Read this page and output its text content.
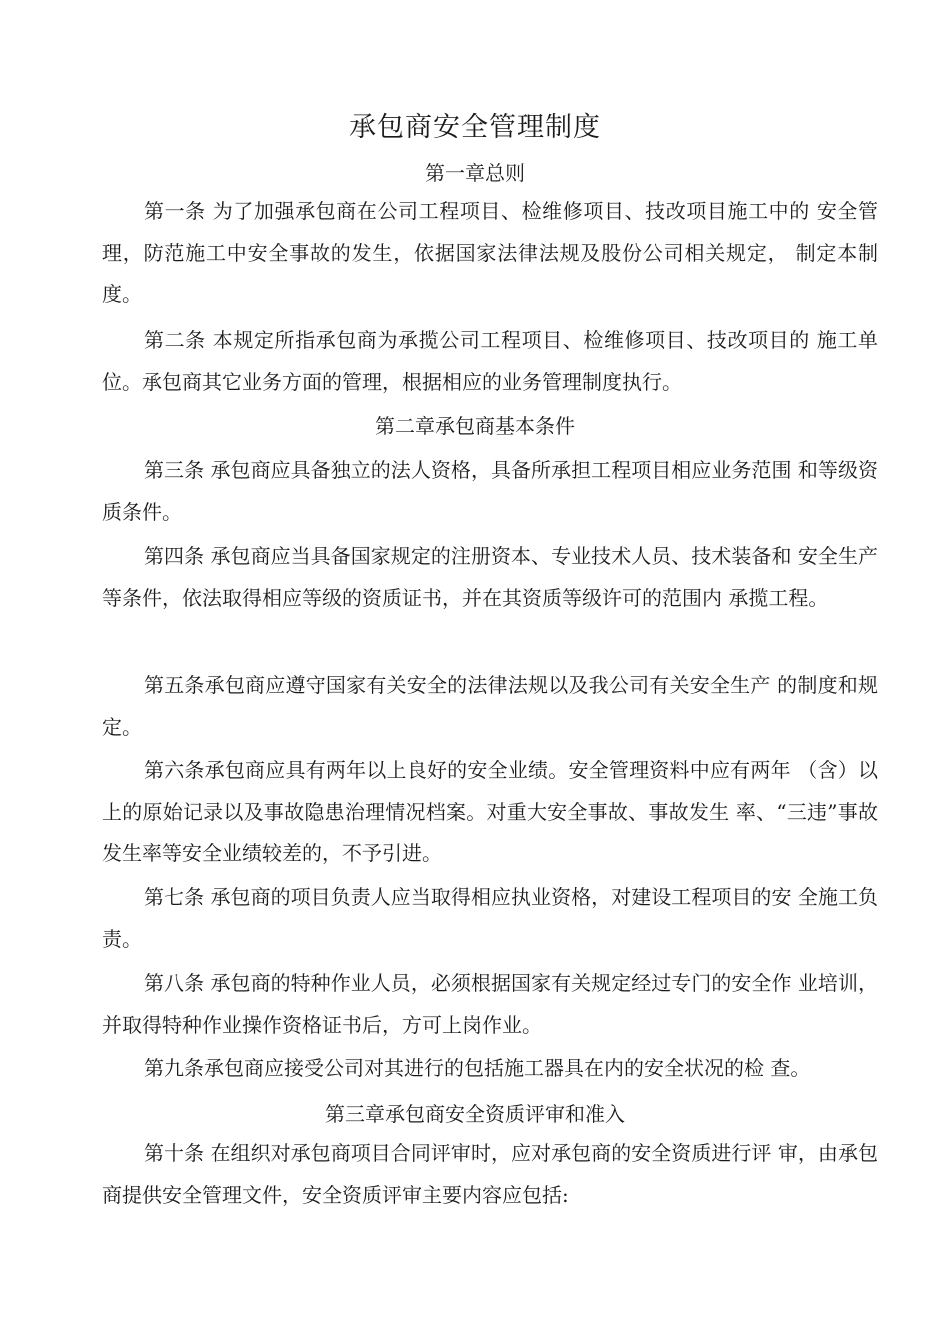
承包商安全管理制度
第一章总则

第一条 为了加强承包商在公司工程项目、检维修项目、技改项目施工中的 安全管理，防范施工中安全事故的发生，依据国家法律法规及股份公司相关规定， 制定本制度。

第二条 本规定所指承包商为承揽公司工程项目、检维修项目、技改项目的 施工单位。承包商其它业务方面的管理，根据相应的业务管理制度执行。

第二章承包商基本条件

第三条 承包商应具备独立的法人资格，具备所承担工程项目相应业务范围 和等级资质条件。

第四条 承包商应当具备国家规定的注册资本、专业技术人员、技术装备和 安全生产等条件，依法取得相应等级的资质证书，并在其资质等级许可的范围内 承揽工程。

第五条承包商应遵守国家有关安全的法律法规以及我公司有关安全生产 的制度和规定。

第六条承包商应具有两年以上良好的安全业绩。安全管理资料中应有两年 （含）以上的原始记录以及事故隐患治理情况档案。对重大安全事故、事故发生 率、“三违”事故发生率等安全业绩较差的，不予引进。

第七条 承包商的项目负责人应当取得相应执业资格，对建设工程项目的安 全施工负责。

第八条 承包商的特种作业人员，必须根据国家有关规定经过专门的安全作 业培训，并取得特种作业操作资格证书后，方可上岗作业。

第九条承包商应接受公司对其进行的包括施工器具在内的安全状况的检 查。

第三章承包商安全资质评审和准入

第十条 在组织对承包商项目合同评审时，应对承包商的安全资质进行评 审，由承包商提供安全管理文件，安全资质评审主要内容应包括:
